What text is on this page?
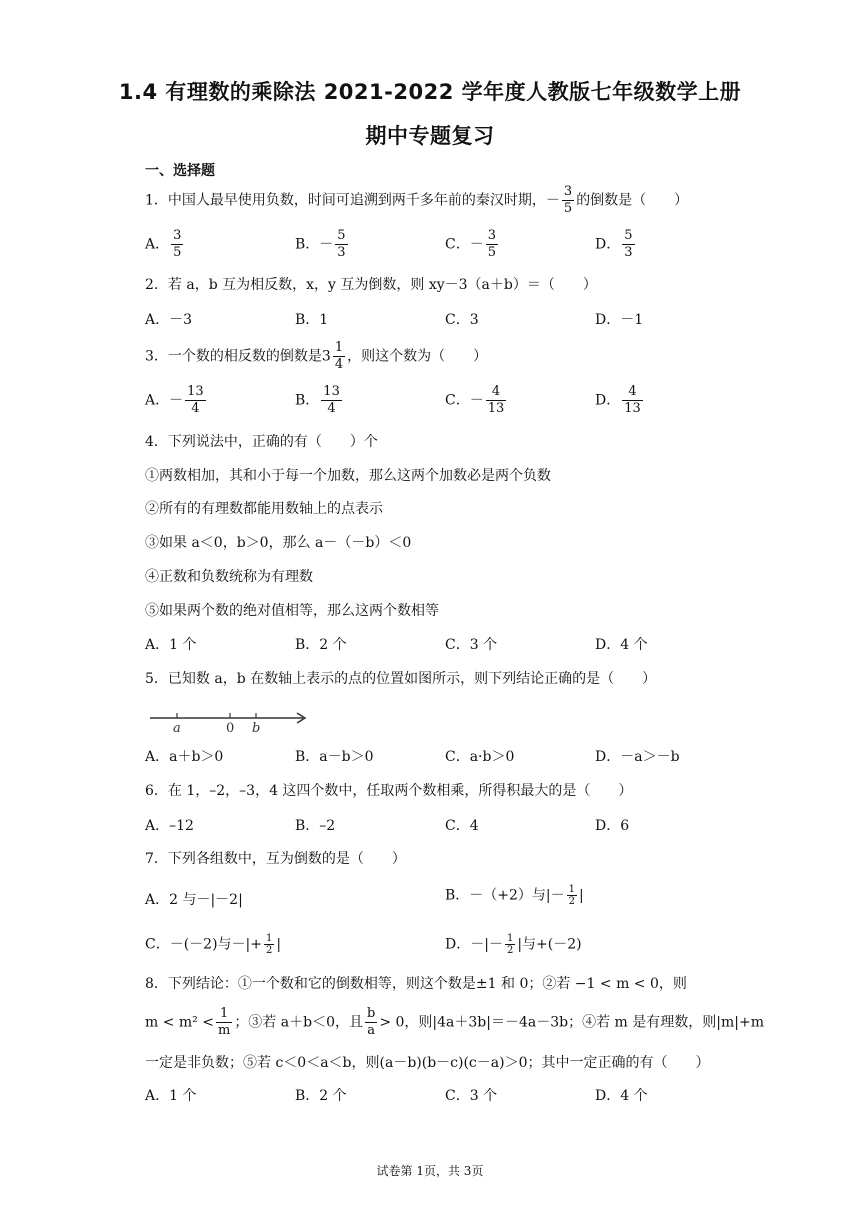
1.4 有理数的乘除法 2021-2022 学年度人教版七年级数学上册
期中专题复习
一、选择题
1．中国人最早使用负数，时间可追溯到两千多年前的秦汉时期，－ $\frac{3}{5}$ 的倒数是（　　）
A． $\frac{3}{5}$	B．－ $\frac{5}{3}$	C．－ $\frac{3}{5}$	D． $\frac{5}{3}$
2．若 a，b 互为相反数，x，y 互为倒数，则 xy－3（a＋b）＝（　　）
A．－3	B．1	C．3	D．－1
3．一个数的相反数的倒数是$3 \frac{1}{4}$ ，则这个数为（　　）
A．－ $\frac{13}{4}$	B． $\frac{13}{4}$	C．－ $\frac{4}{13}$	D． $\frac{4}{13}$
4．下列说法中，正确的有（　　）个
①两数相加，其和小于每一个加数，那么这两个加数必是两个负数
②所有的有理数都能用数轴上的点表示
③如果 a＜0，b＞0，那么 a－（－b）＜0
④正数和负数统称为有理数
⑤如果两个数的绝对值相等，那么这两个数相等
A．1 个	B．2 个	C．3 个	D．4 个
5．已知数 a，b 在数轴上表示的点的位置如图所示，则下列结论正确的是（　　）
a	0 b
A．a＋b＞0	B．a－b＞0	C．a·b＞0	D．－a＞－b
6．在 1，–2，–3，4 这四个数中，任取两个数相乘，所得积最大的是（　　）
A．–12	B．–2	C．4	D．6
7．下列各组数中，互为倒数的是（　　）
A．2 与－|－2|	B．－（+2）与|－ $\frac{1}{2}$ |
C．－(－2)与－|+ $\frac{1}{2}$ |	D．－|－ $\frac{1}{2}$ |与+(－2)
8．下列结论：①一个数和它的倒数相等，则这个数是±1 和 0；②若 −1 < m < 0，则
$m < m^2 < \frac{1}{m}$ ；③若 a＋b＜0，且 $\frac{b}{a} > 0$，则|4a＋3b|＝－4a－3b；④若 m 是有理数，则|m|+m
一定是非负数；⑤若 c＜0＜a＜b，则(a－b)(b－c)(c－a)＞0；其中一定正确的有（　　）
A．1 个	B．2 个	C．3 个	D．4 个
试卷第 1页，共 3页
